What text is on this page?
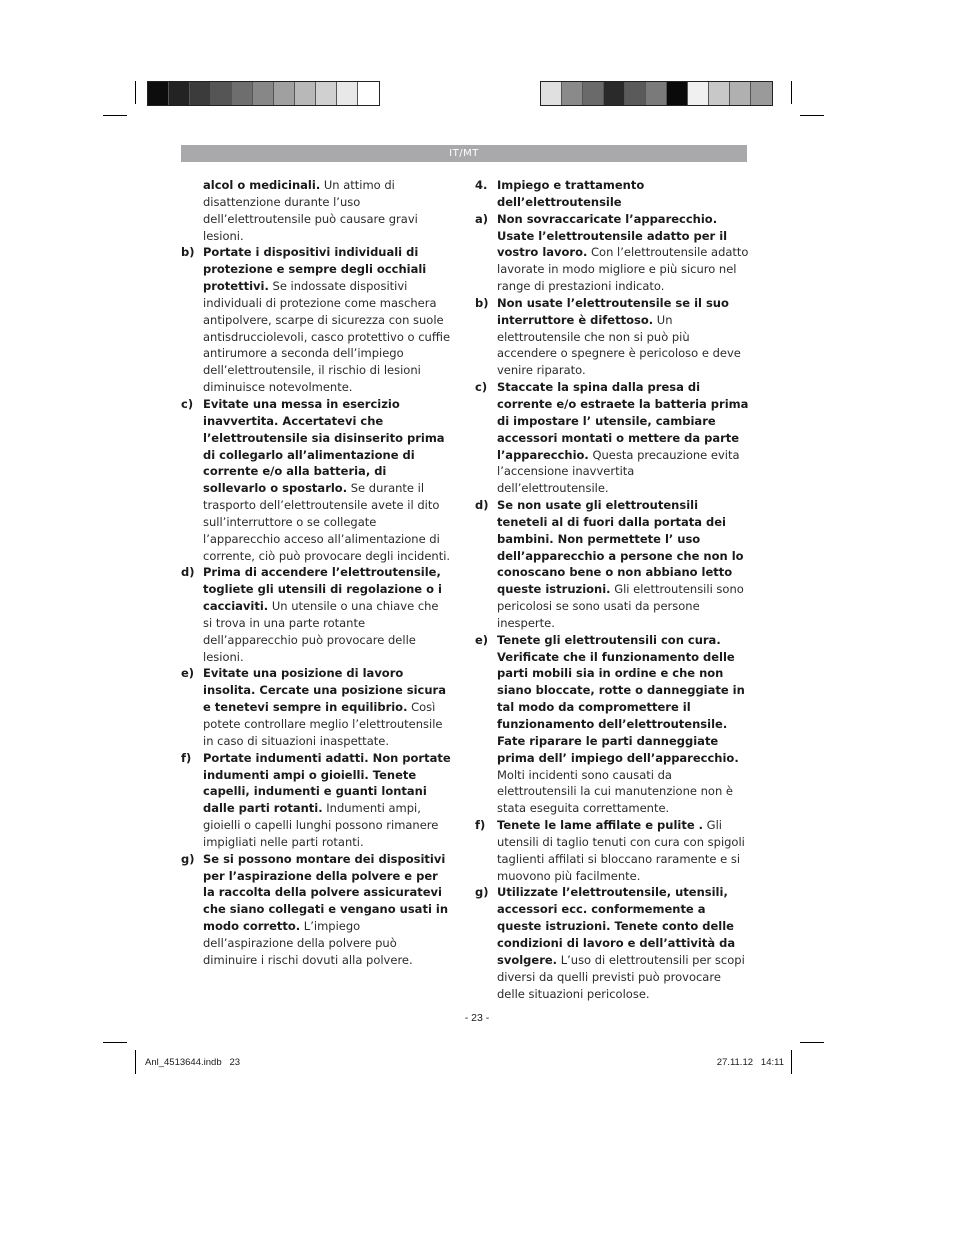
IT/MT
alcol o medicinali. Un attimo di disattenzione durante l’uso dell’elettroutensile può causare gravi lesioni.
b) Portate i dispositivi individuali di protezione e sempre degli occhiali protettivi. Se indossate dispositivi individuali di protezione come maschera antipolvere, scarpe di sicurezza con suole antisdrucciolevoli, casco protettivo o cuffie antirumore a seconda dell’impiego dell’elettroutensile, il rischio di lesioni diminuisce notevolmente.
c) Evitate una messa in esercizio inavvertita. Accertatevi che l’elettroutensile sia disinserito prima di collegarlo all’alimentazione di corrente e/o alla batteria, di sollevarlo o spostarlo. Se durante il trasporto dell’elettroutensile avete il dito sull’interruttore o se collegate l’apparecchio acceso all’alimentazione di corrente, ciò può provocare degli incidenti.
d) Prima di accendere l’elettroutensile, togliete gli utensili di regolazione o i cacciaviti. Un utensile o una chiave che si trova in una parte rotante dell’apparecchio può provocare delle lesioni.
e) Evitate una posizione di lavoro insolita. Cercate una posizione sicura e tenetevi sempre in equilibrio. Così potete controllare meglio l’elettroutensile in caso di situazioni inaspettate.
f) Portate indumenti adatti. Non portate indumenti ampi o gioielli. Tenete capelli, indumenti e guanti lontani dalle parti rotanti. Indumenti ampi, gioielli o capelli lunghi possono rimanere impigliati nelle parti rotanti.
g) Se si possono montare dei dispositivi per l’aspirazione della polvere e per la raccolta della polvere assicuratevi che siano collegati e vengano usati in modo corretto. L’impiego dell’aspirazione della polvere può diminuire i rischi dovuti alla polvere.
4. Impiego e trattamento dell’elettroutensile
a) Non sovraccaricate l’apparecchio. Usate l’elettroutensile adatto per il vostro lavoro. Con l’elettroutensile adatto lavorate in modo migliore e più sicuro nel range di prestazioni indicato.
b) Non usate l’elettroutensile se il suo interruttore è difettoso. Un elettroutensile che non si può più accendere o spegnere è pericoloso e deve venire riparato.
c) Staccate la spina dalla presa di corrente e/o estraete la batteria prima di impostare l’ utensile, cambiare accessori montati o mettere da parte l’apparecchio. Questa precauzione evita l’accensione inavvertita dell’elettroutensile.
d) Se non usate gli elettroutensili teneteli al di fuori dalla portata dei bambini. Non permettete l’ uso dell’apparecchio a persone che non lo conoscano bene o non abbiano letto queste istruzioni. Gli elettroutensili sono pericolosi se sono usati da persone inesperte.
e) Tenete gli elettroutensili con cura. Verificate che il funzionamento delle parti mobili sia in ordine e che non siano bloccate, rotte o danneggiate in tal modo da compromettere il funzionamento dell’elettroutensile. Fate riparare le parti danneggiate prima dell’ impiego dell’apparecchio. Molti incidenti sono causati da elettroutensili la cui manutenzione non è stata eseguita correttamente.
f) Tenete le lame affilate e pulite . Gli utensili di taglio tenuti con cura con spigoli taglienti affilati si bloccano raramente e si muovono più facilmente.
g) Utilizzate l’elettroutensile, utensili, accessori ecc. conformemente a queste istruzioni. Tenete conto delle condizioni di lavoro e dell’attività da svolgere. L’uso di elettroutensili per scopi diversi da quelli previsti può provocare delle situazioni pericolose.
- 23 -
Anl_4513644.indb   23	27.11.12   14:11
